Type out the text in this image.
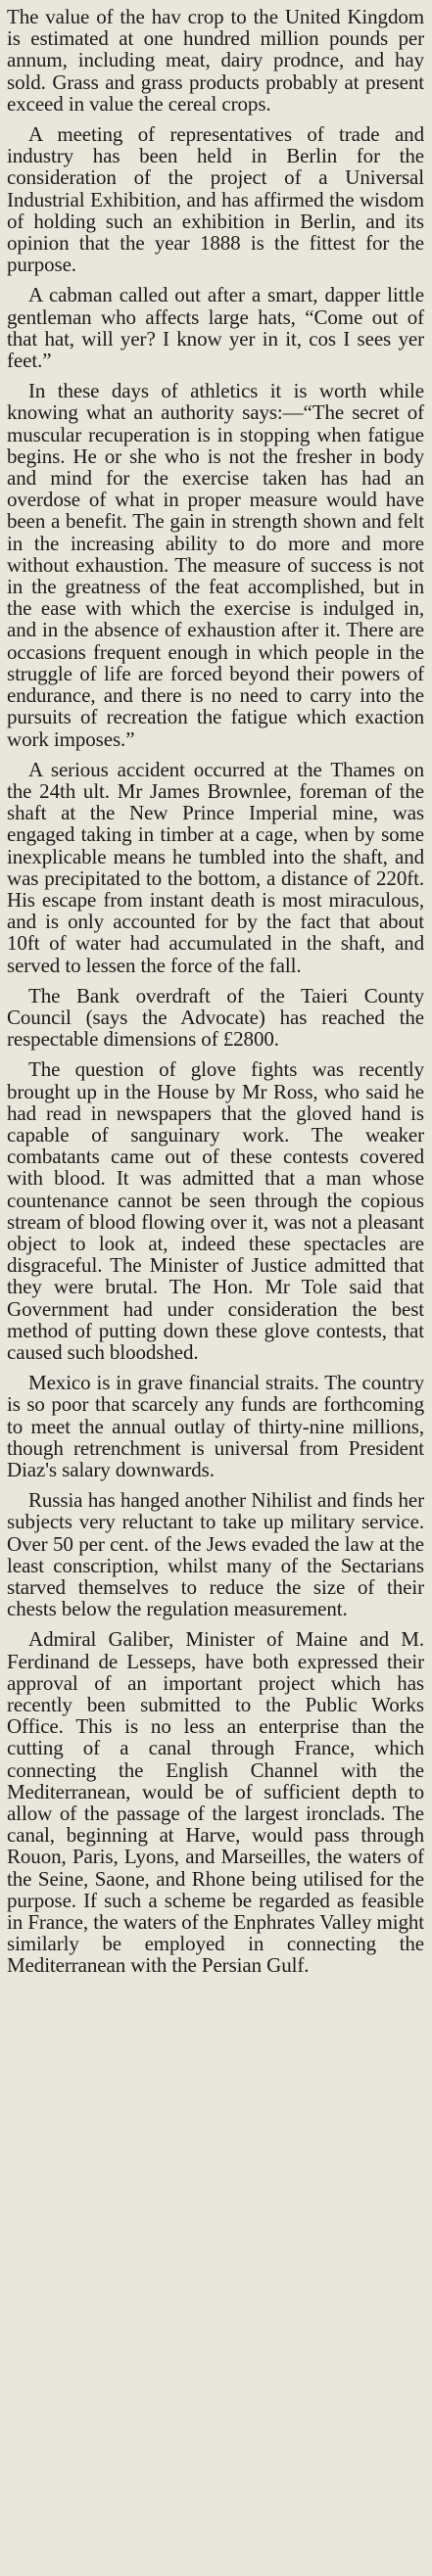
The value of the hav crop to the United Kingdom is estimated at one hundred million pounds per annum, including meat, dairy prodnce, and hay sold. Grass and grass products probably at present exceed in value the cereal crops.

A meeting of representatives of trade and industry has been held in Berlin for the consideration of the project of a Universal Industrial Exhibition, and has affirmed the wisdom of holding such an exhibition in Berlin, and its opinion that the year 1888 is the fittest for the purpose.

A cabman called out after a smart, dapper little gentleman who affects large hats, “Come out of that hat, will yer? I know yer in it, cos I sees yer feet.”

In these days of athletics it is worth while knowing what an authority says:—“The secret of muscular recuperation is in stopping when fatigue begins. He or she who is not the fresher in body and mind for the exercise taken has had an overdose of what in proper measure would have been a benefit. The gain in strength shown and felt in the increasing ability to do more and more without exhaustion. The measure of success is not in the greatness of the feat accomplished, but in the ease with which the exercise is indulged in, and in the absence of exhaustion after it. There are occasions frequent enough in which people in the struggle of life are forced beyond their powers of endurance, and there is no need to carry into the pursuits of recreation the fatigue which exaction work imposes.”

A serious accident occurred at the Thames on the 24th ult. Mr James Brownlee, foreman of the shaft at the New Prince Imperial mine, was engaged taking in timber at a cage, when by some inexplicable means he tumbled into the shaft, and was precipitated to the bottom, a distance of 220ft. His escape from instant death is most miraculous, and is only accounted for by the fact that about 10ft of water had accumulated in the shaft, and served to lessen the force of the fall.

The Bank overdraft of the Taieri County Council (says the Advocate) has reached the respectable dimensions of £2800.

The question of glove fights was recently brought up in the House by Mr Ross, who said he had read in newspapers that the gloved hand is capable of sanguinary work. The weaker combatants came out of these contests covered with blood. It was admitted that a man whose countenance cannot be seen through the copious stream of blood flowing over it, was not a pleasant object to look at, indeed these spectacles are disgraceful. The Minister of Justice admitted that they were brutal. The Hon. Mr Tole said that Government had under consideration the best method of putting down these glove contests, that caused such bloodshed.

Mexico is in grave financial straits. The country is so poor that scarcely any funds are forthcoming to meet the annual outlay of thirty-nine millions, though retrenchment is universal from President Diaz's salary downwards.

Russia has hanged another Nihilist and finds her subjects very reluctant to take up military service. Over 50 per cent. of the Jews evaded the law at the least conscription, whilst many of the Sectarians starved themselves to reduce the size of their chests below the regulation measurement.

Admiral Galiber, Minister of Maine and M. Ferdinand de Lesseps, have both expressed their approval of an important project which has recently been submitted to the Public Works Office. This is no less an enterprise than the cutting of a canal through France, which connecting the English Channel with the Mediterranean, would be of sufficient depth to allow of the passage of the largest ironclads. The canal, beginning at Harve, would pass through Rouon, Paris, Lyons, and Marseilles, the waters of the Seine, Saone, and Rhone being utilised for the purpose. If such a scheme be regarded as feasible in France, the waters of the Enphrates Valley might similarly be employed in connecting the Mediterranean with the Persian Gulf.
